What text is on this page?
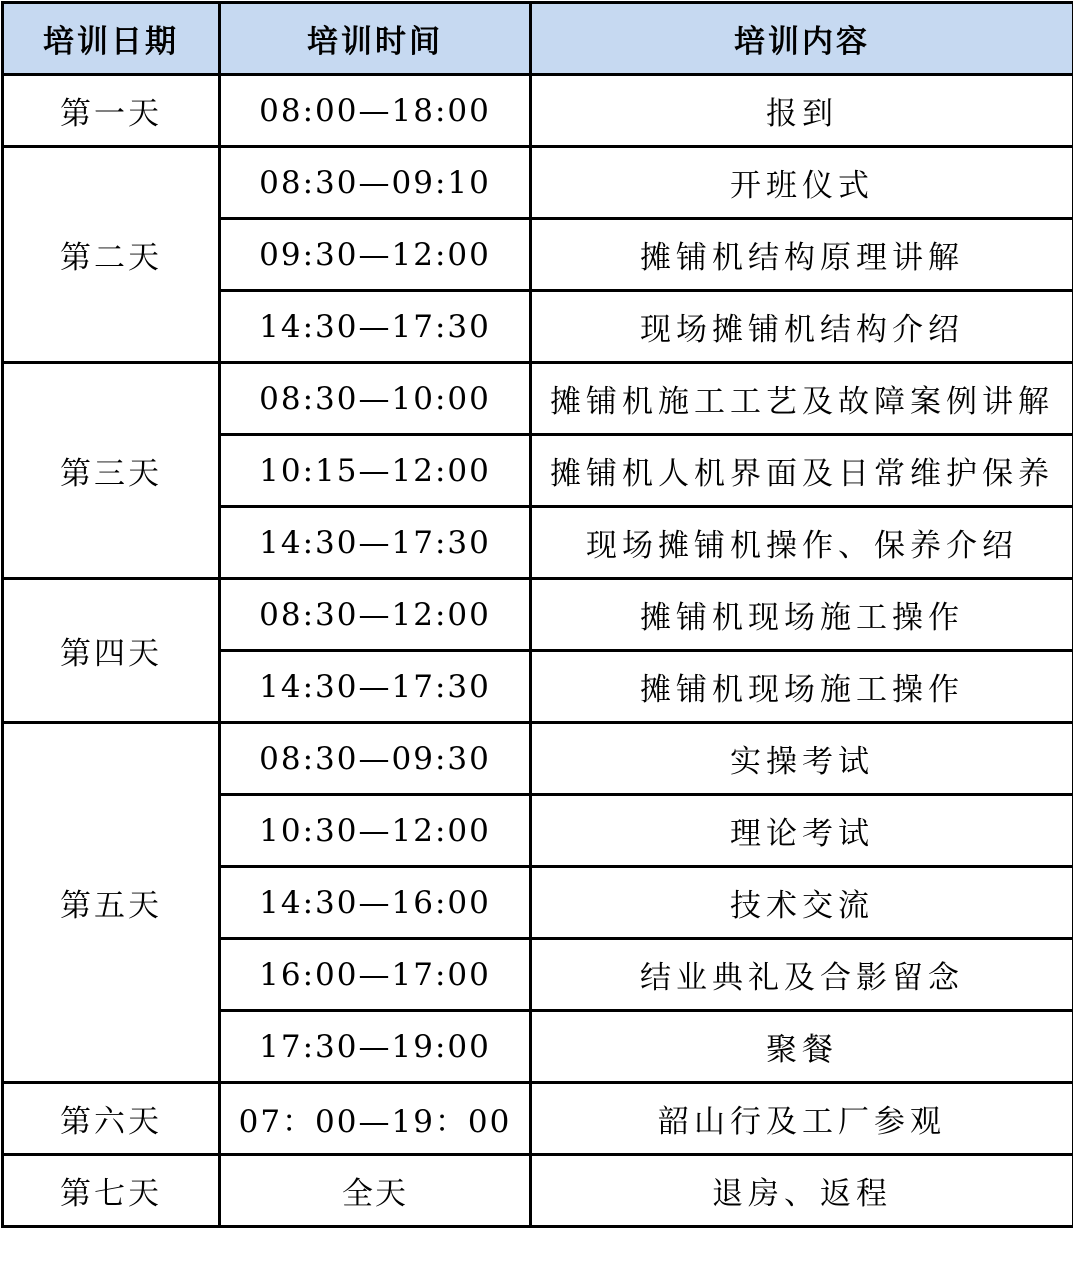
培训日期	培训时间	培训内容
第一天	08:00—18:00	报到
第二天	08:30—09:10	开班仪式
	09:30—12:00	摊铺机结构原理讲解
	14:30—17:30	现场摊铺机结构介绍
第三天	08:30—10:00	摊铺机施工工艺及故障案例讲解
	10:15—12:00	摊铺机人机界面及日常维护保养
	14:30—17:30	现场摊铺机操作、保养介绍
第四天	08:30—12:00	摊铺机现场施工操作
	14:30—17:30	摊铺机现场施工操作
第五天	08:30—09:30	实操考试
	10:30—12:00	理论考试
	14:30—16:00	技术交流
	16:00—17:00	结业典礼及合影留念
	17:30—19:00	聚餐
第六天	07：00—19：00	韶山行及工厂参观
第七天	全天	退房、返程
